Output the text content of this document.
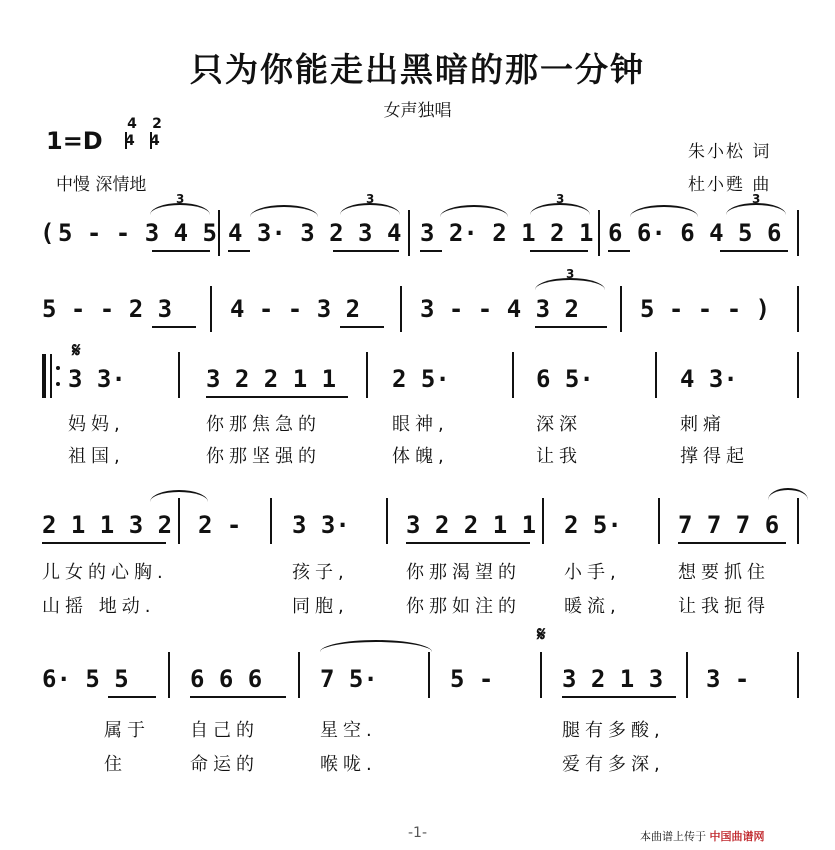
只为你能走出黑暗的那一分钟
女声独唱
1=D
$\frac{4}{4} \frac{2}{4}$
中慢 深情地
朱小松 词
杜小甦 曲
( 5 - - 3 4 5 4 3· 3 2 3 4 3 2· 2 1 2 1 6 6· 6 4 5 6
3	3	3	3
5 - - 2 3 4 - - 3 2 3 - - 4 3 2	5 - - - )
3
𝄋
3 3·	3 2 2 1 1 2 5·	6 5·	4 3·
妈妈,	你那焦急的	眼神,	深深	刺痛
祖国,	你那坚强的	体魄,	让我	撑得起
2 1 1 3 2 2 - 3 3· 3 2 2 1 1 2 5· 7 7 7 6
儿女的心胸.	孩子,	你那渴望的 小手,	想要抓住
山摇 地动.	同胞,	你那如注的 暖流,	让我扼得
𝄋
6· 5 5	6 6 6 7 5·	5 -	3 2 1 3 3 -
属于 自己的	星空.	腿有多酸,
住	命运的	喉咙.	爱有多深,
-1-	本曲谱上传于 中国曲谱网
